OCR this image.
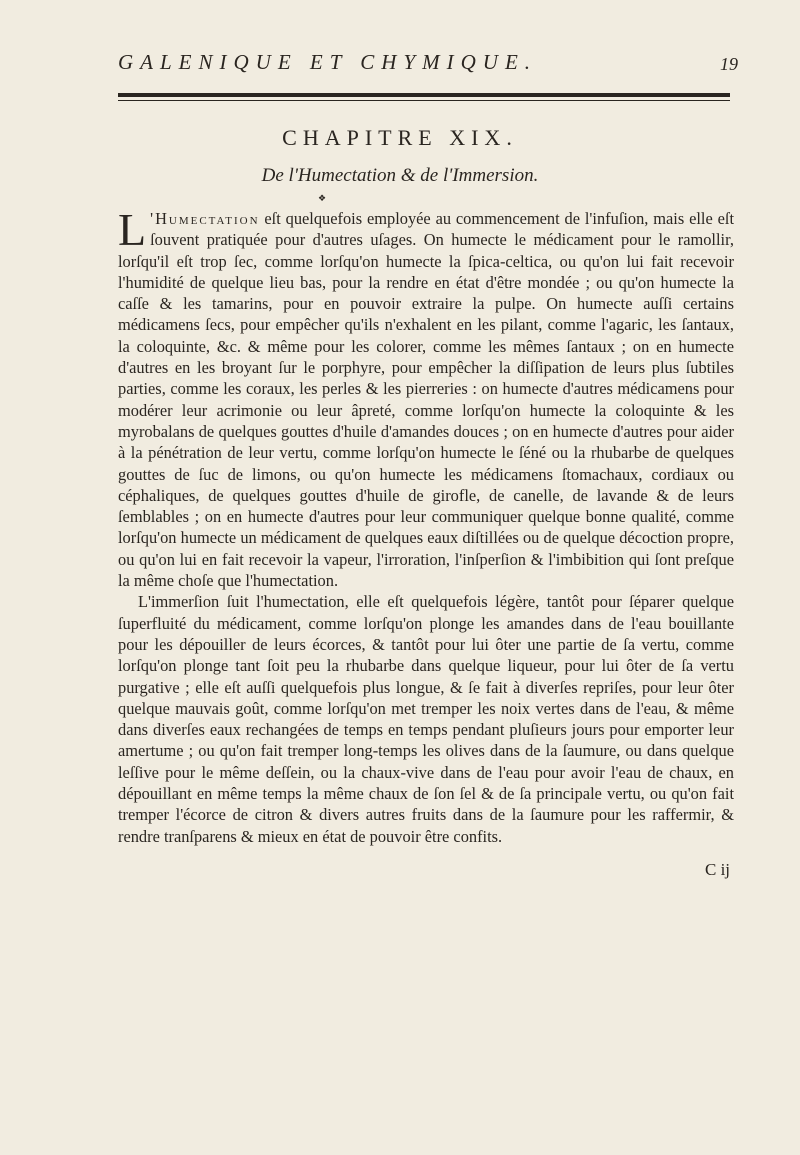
GALENIQUE ET CHYMIQUE.	19
CHAPITRE XIX.
De l'Humectation & de l'Immersion.
❖

L 'Humectation eſt quelquefois employée au commencement de l'infuſion, mais elle eſt ſouvent pratiquée pour d'autres uſages. On humecte le médicament pour le ramollir, lorſqu'il eſt trop ſec, comme lorſqu'on humecte la ſpica-celtica, ou qu'on lui fait recevoir l'humidité de quelque lieu bas, pour la rendre en état d'être mondée ; ou qu'on humecte la caſſe & les tamarins, pour en pouvoir extraire la pulpe. On humecte auſſi certains médicamens ſecs, pour empêcher qu'ils n'exhalent en les pilant, comme l'agaric, les ſantaux, la coloquinte, &c. & même pour les colorer, comme les mêmes ſantaux ; on en humecte d'autres en les broyant ſur le porphyre, pour empêcher la diſſipation de leurs plus ſubtiles parties, comme les coraux, les perles & les pierreries : on humecte d'autres médicamens pour modérer leur acrimonie ou leur âpreté, comme lorſqu'on humecte la coloquinte & les myrobalans de quelques gouttes d'huile d'amandes douces ; on en humecte d'autres pour aider à la pénétration de leur vertu, comme lorſqu'on humecte le ſéné ou la rhubarbe de quelques gouttes de ſuc de limons, ou qu'on humecte les médicamens ſtomachaux, cordiaux ou céphaliques, de quelques gouttes d'huile de girofle, de canelle, de lavande & de leurs ſemblables ; on en humecte d'autres pour leur communiquer quelque bonne qualité, comme lorſqu'on humecte un médicament de quelques eaux diſtillées ou de quelque décoction propre, ou qu'on lui en fait recevoir la vapeur, l'irroration, l'inſperſion & l'imbibition qui ſont preſque la même choſe que l'humectation.

L'immerſion ſuit l'humectation, elle eſt quelquefois légère, tantôt pour ſéparer quelque ſuperfluité du médicament, comme lorſqu'on plonge les amandes dans de l'eau bouillante pour les dépouiller de leurs écorces, & tantôt pour lui ôter une partie de ſa vertu, comme lorſqu'on plonge tant ſoit peu la rhubarbe dans quelque liqueur, pour lui ôter de ſa vertu purgative ; elle eſt auſſi quelquefois plus longue, & ſe fait à diverſes repriſes, pour leur ôter quelque mauvais goût, comme lorſqu'on met tremper les noix vertes dans de l'eau, & même dans diverſes eaux rechangées de temps en temps pendant pluſieurs jours pour emporter leur amertume ; ou qu'on fait tremper long-temps les olives dans de la ſaumure, ou dans quelque leſſive pour le même deſſein, ou la chaux-vive dans de l'eau pour avoir l'eau de chaux, en dépouillant en même temps la même chaux de ſon ſel & de ſa principale vertu, ou qu'on fait tremper l'écorce de citron & divers autres fruits dans de la ſaumure pour les raffermir, & rendre tranſparens & mieux en état de pouvoir être confits.

C ij
